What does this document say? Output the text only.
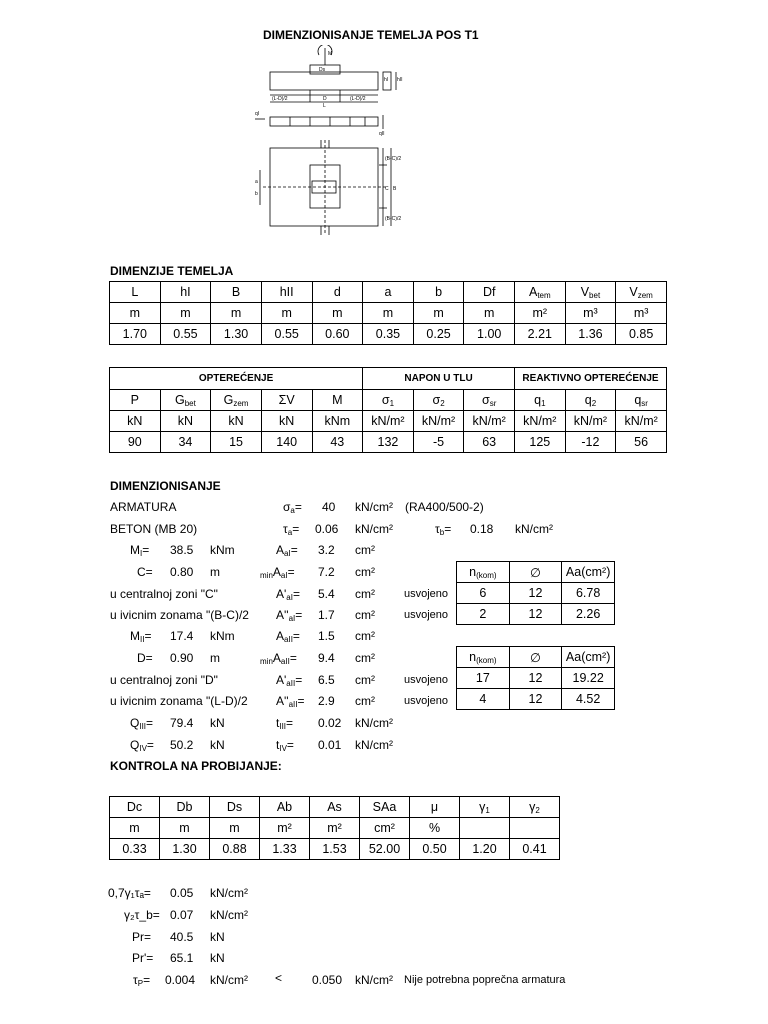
DIMENZIONISANJE TEMELJA POS T1
M
Ds
(L-D)/2	D	(L-D)/2
L
hI hII
qI
qII
(B-C)/2
C
(B-C)/2
B
a
b
DIMENZIJE TEMELJA
L	hI	B	hII	d	a	b	Df	$A_{tem}$	$V_{bet}$	$V_{zem}$
m	m	m	m	m	m	m	m	m²	m³	m³
1.70	0.55	1.30	0.55	0.60	0.35	0.25	1.00	2.21	1.36	0.85
OPTEREĆENJE					NAPON U TLU			REAKTIVNO OPTEREĆENJE		
P	$G_{bet}$	$G_{zem}$	ΣV	M	$\sigma_1$	$\sigma_2$	$\sigma_{sr}$	$q_1$	$q_2$	$q_{sr}$
kN	kN	kN	kN	kNm	kN/m²	kN/m²	kN/m²	kN/m²	kN/m²	kN/m²
90	34	15	140	43	132	-5	63	125	-12	56
DIMENZIONISANJE
ARMATURA	$\sigma_a= 40$ kN/cm² (RA400/500-2)
BETON (MB 20)	$\tau_a= 0.06$ kN/cm²	$\tau_b= 0.18$ kN/cm²
$M_I= 38.5$ kNm	$A_{aI}= 3.2$ cm²
C= 0.80 m	$_{min}A_{aI}= 7.2$ cm²
u centralnoj zoni "C"	$A'_{aI}= 5.4$ cm²	usvojeno
u ivicnim zonama "(B-C)/2 $A''_{aI}= 1.7$ cm²	usvojeno
$M_{II}= 17.4$ kNm	$A_{aII}= 1.5$ cm²
D= 0.90 m	$_{min}A_{aII}= 9.4$ cm²
u centralnoj zoni "D"	$A'_{aII}= 6.5$ cm²	usvojeno
u ivicnim zonama "(L-D)/2 $A''_{aII}= 2.9$ cm²	usvojeno
$Q_{III}= 79.4$ kN	$t_{III}= 0.02$ kN/cm²
$Q_{IV}= 50.2$ kN	$t_{IV}= 0.01$ kN/cm²
$n_{(kom)}$	∅	Aa(cm²)
6	12	6.78
2	12	2.26
$n_{(kom)}$	∅	Aa(cm²)
17	12	19.22
4	12	4.52
KONTROLA NA PROBIJANJE:
Dc	Db	Ds	Ab	As	SAa	μ	$\gamma_1$	$\gamma_2$
m	m	m	m²	m²	cm²	%		
0.33	1.30	0.88	1.33	1.53	52.00	0.50	1.20	0.41
0,7γ₁τₐ= 0.05 kN/cm²
γ₂τ_b= 0.07 kN/cm²
Pr= 40.5 kN
Pr'= 65.1 kN
$\tau_P= 0.004$ kN/cm² < 0.050 kN/cm² Nije potrebna poprečna armatura
